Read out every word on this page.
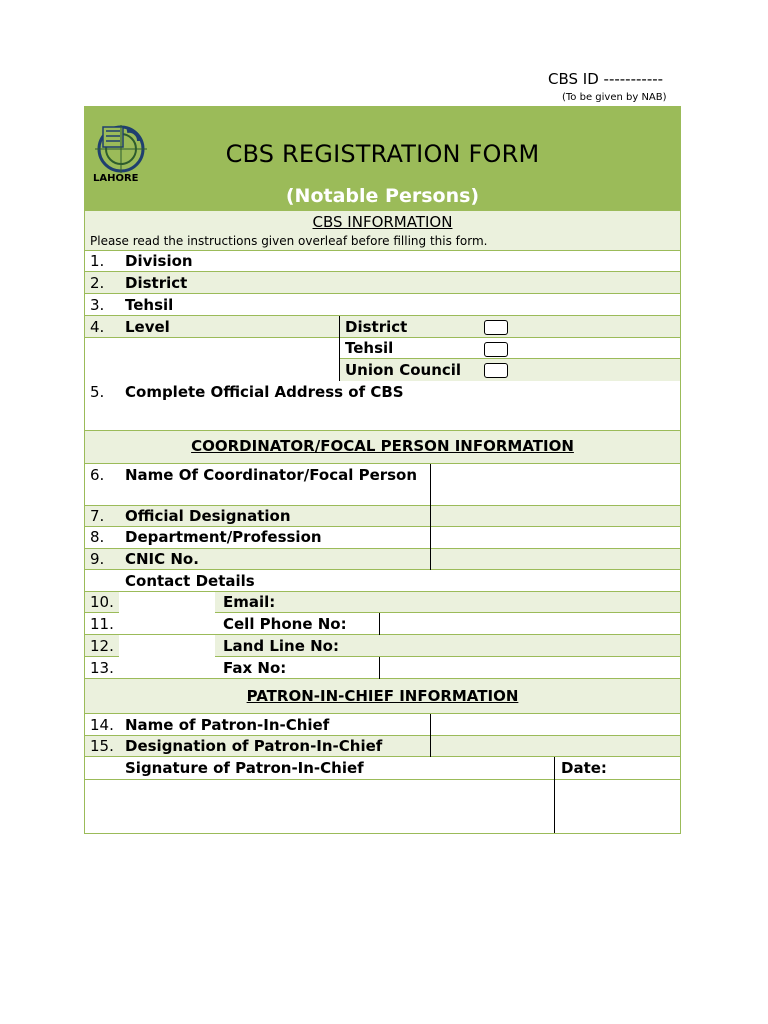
CBS ID -----------
(To be given by NAB)
LAHORE
CBS REGISTRATION FORM
(Notable Persons)
CBS INFORMATION
Please read the instructions given overleaf before filling this form.
1. Division
2. District
3. Tehsil
4. Level	District
Tehsil
Union Council
5. Complete Official Address of CBS
COORDINATOR/FOCAL PERSON INFORMATION
6. Name Of Coordinator/Focal Person
7. Official Designation
8. Department/Profession
9. CNIC No.
Contact Details
10.	Email:
11.	Cell Phone No:
12.	Land Line No:
13.	Fax No:
PATRON-IN-CHIEF INFORMATION
14. Name of Patron-In-Chief
15. Designation of Patron-In-Chief
Signature of Patron-In-Chief	Date:
